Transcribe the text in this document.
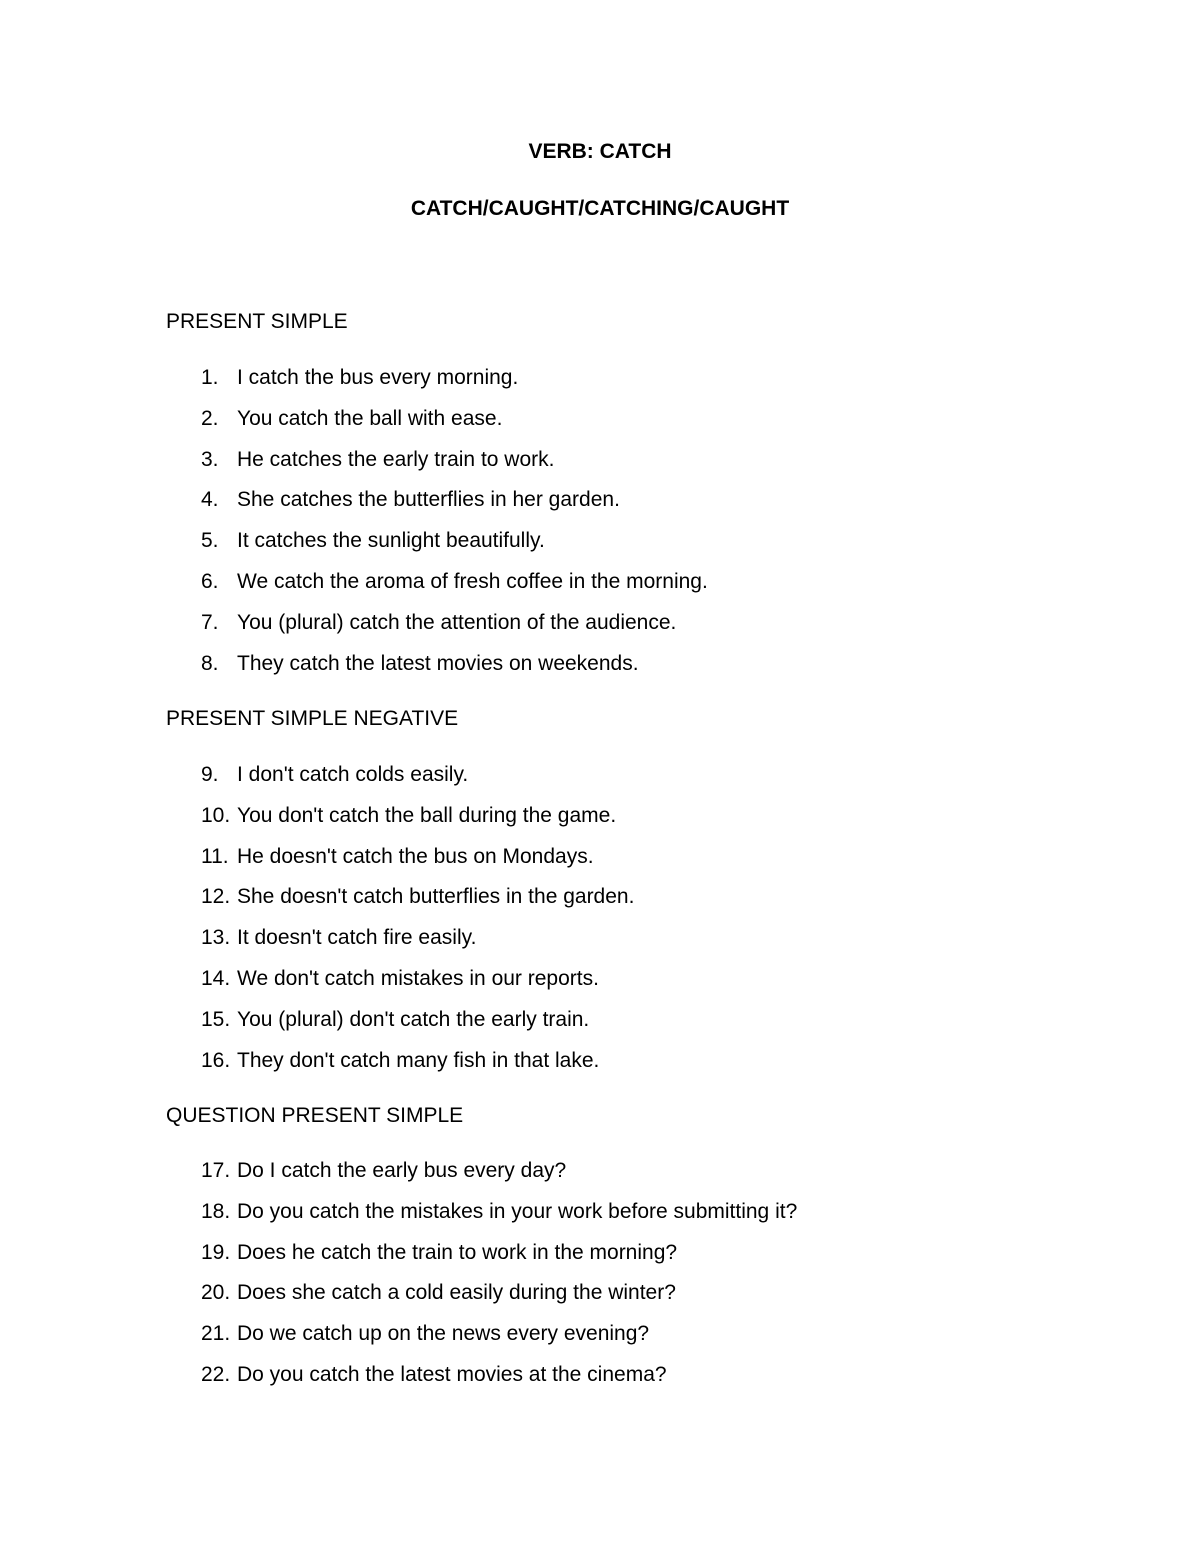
VERB: CATCH
CATCH/CAUGHT/CATCHING/CAUGHT
PRESENT SIMPLE
1. I catch the bus every morning.
2. You catch the ball with ease.
3. He catches the early train to work.
4. She catches the butterflies in her garden.
5. It catches the sunlight beautifully.
6. We catch the aroma of fresh coffee in the morning.
7. You (plural) catch the attention of the audience.
8. They catch the latest movies on weekends.
PRESENT SIMPLE NEGATIVE
9. I don't catch colds easily.
10. You don't catch the ball during the game.
11. He doesn't catch the bus on Mondays.
12. She doesn't catch butterflies in the garden.
13. It doesn't catch fire easily.
14. We don't catch mistakes in our reports.
15. You (plural) don't catch the early train.
16. They don't catch many fish in that lake.
QUESTION PRESENT SIMPLE
17. Do I catch the early bus every day?
18. Do you catch the mistakes in your work before submitting it?
19. Does he catch the train to work in the morning?
20. Does she catch a cold easily during the winter?
21. Do we catch up on the news every evening?
22. Do you catch the latest movies at the cinema?
